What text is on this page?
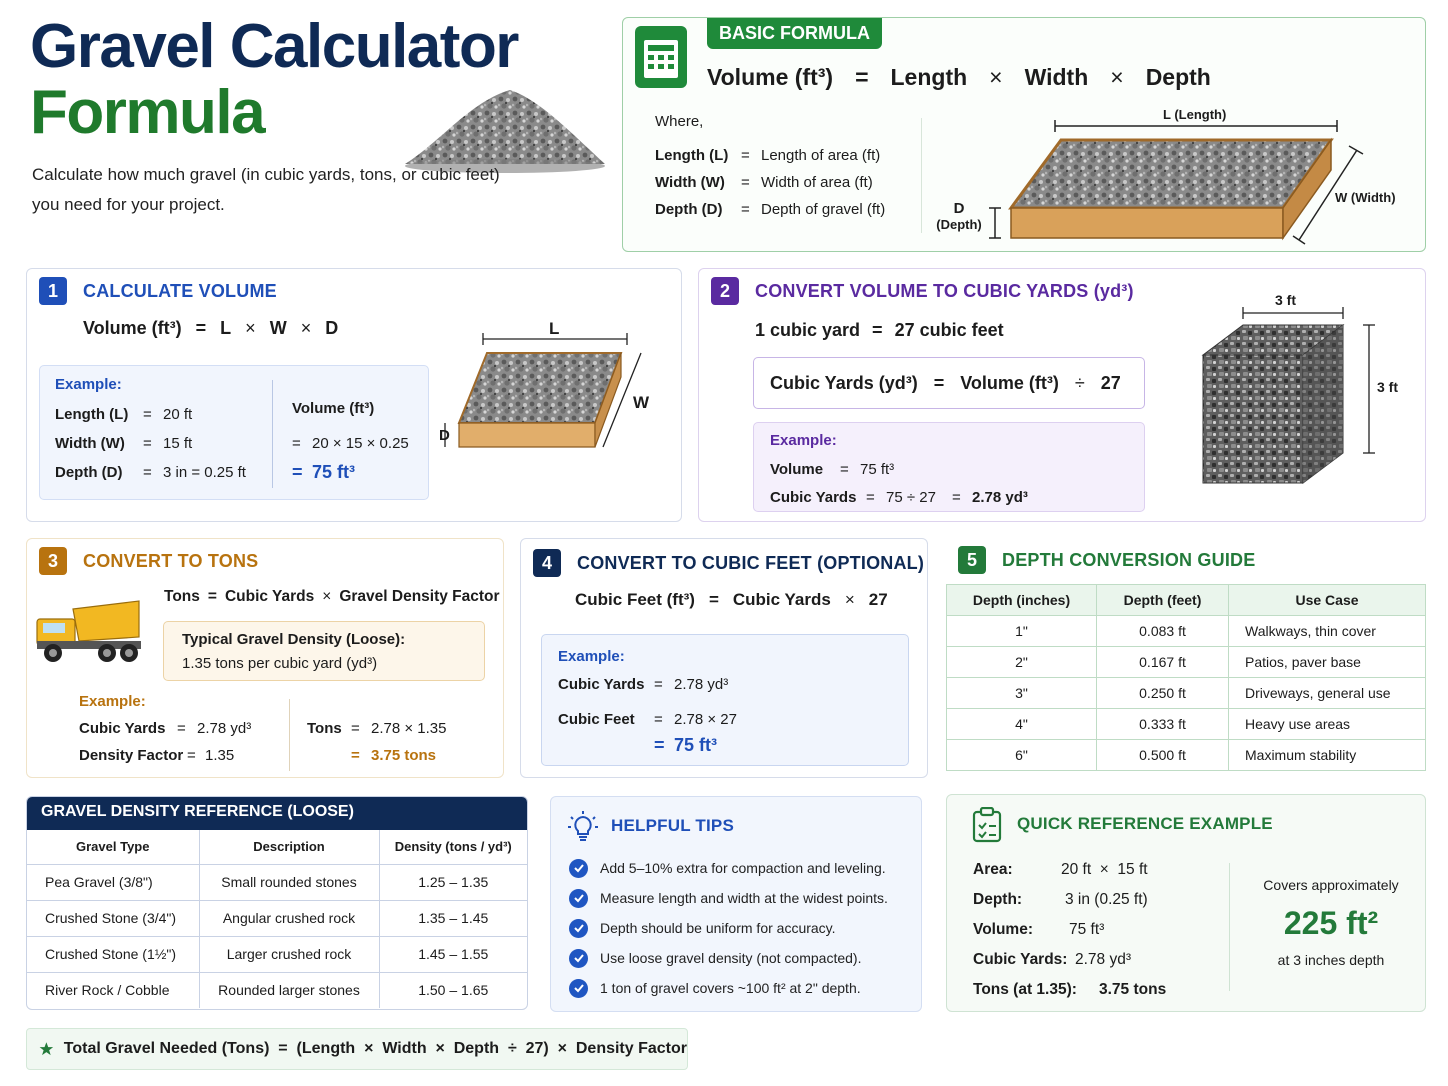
Gravel Calculator
Formula
Calculate how much gravel (in cubic yards, tons, or cubic feet)
you need for your project.
BASIC FORMULA
Volume (ft³) = Length × Width × Depth
Where,
Length (L) = Length of area (ft)
Width (W)	= Width of area (ft)
Depth (D)	= Depth of gravel (ft)
L (Length)
W (Width)
D
(Depth)
1	CALCULATE VOLUME
Volume (ft³) = L × W × D
Example:
Length (L) = 20 ft
Width (W)	= 15 ft
Depth (D)	= 3 in = 0.25 ft
Volume (ft³)
= 20 × 15 × 0.25
= 75 ft³
L
W
D
2	CONVERT VOLUME TO CUBIC YARDS (yd³)
1 cubic yard = 27 cubic feet
Cubic Yards (yd³) = Volume (ft³) ÷ 27
Example:
Volume	= 75 ft³
Cubic Yards = 75 ÷ 27	= 2.78 yd³
3 ft
3 ft
3	CONVERT TO TONS
Tons = Cubic Yards × Gravel Density Factor
Typical Gravel Density (Loose):
1.35 tons per cubic yard (yd³)
Example:
Cubic Yards = 2.78 yd³
Density Factor = 1.35
Tons = 2.78 × 1.35
= 3.75 tons
4	CONVERT TO CUBIC FEET (OPTIONAL)
Cubic Feet (ft³) = Cubic Yards × 27
Example:
Cubic Yards = 2.78 yd³
Cubic Feet	= 2.78 × 27
= 75 ft³
5	DEPTH CONVERSION GUIDE
Depth (inches)	Depth (feet)	Use Case
1"	0.083 ft	Walkways, thin cover
2"	0.167 ft	Patios, paver base
3"	0.250 ft	Driveways, general use
4"	0.333 ft	Heavy use areas
6"	0.500 ft	Maximum stability
GRAVEL DENSITY REFERENCE (LOOSE)
Gravel Type	Description	Density (tons / yd³)
Pea Gravel (3/8")	Small rounded stones	1.25 – 1.35
Crushed Stone (3/4")	Angular crushed rock	1.35 – 1.45
Crushed Stone (1½")	Larger crushed rock	1.45 – 1.55
River Rock / Cobble	Rounded larger stones	1.50 – 1.65
HELPFUL TIPS
Add 5–10% extra for compaction and leveling.
Measure length and width at the widest points.
Depth should be uniform for accuracy.
Use loose gravel density (not compacted).
1 ton of gravel covers ~100 ft² at 2" depth.
QUICK REFERENCE EXAMPLE
Area:	20 ft  ×  15 ft
Depth:	3 in (0.25 ft)
Volume:	75 ft³
Cubic Yards: 2.78 yd³
Tons (at 1.35):	3.75 tons
Covers approximately
225 ft²
at 3 inches depth
Total Gravel Needed (Tons)  =  (Length  ×  Width  ×  Depth  ÷  27)  ×  Density Factor
